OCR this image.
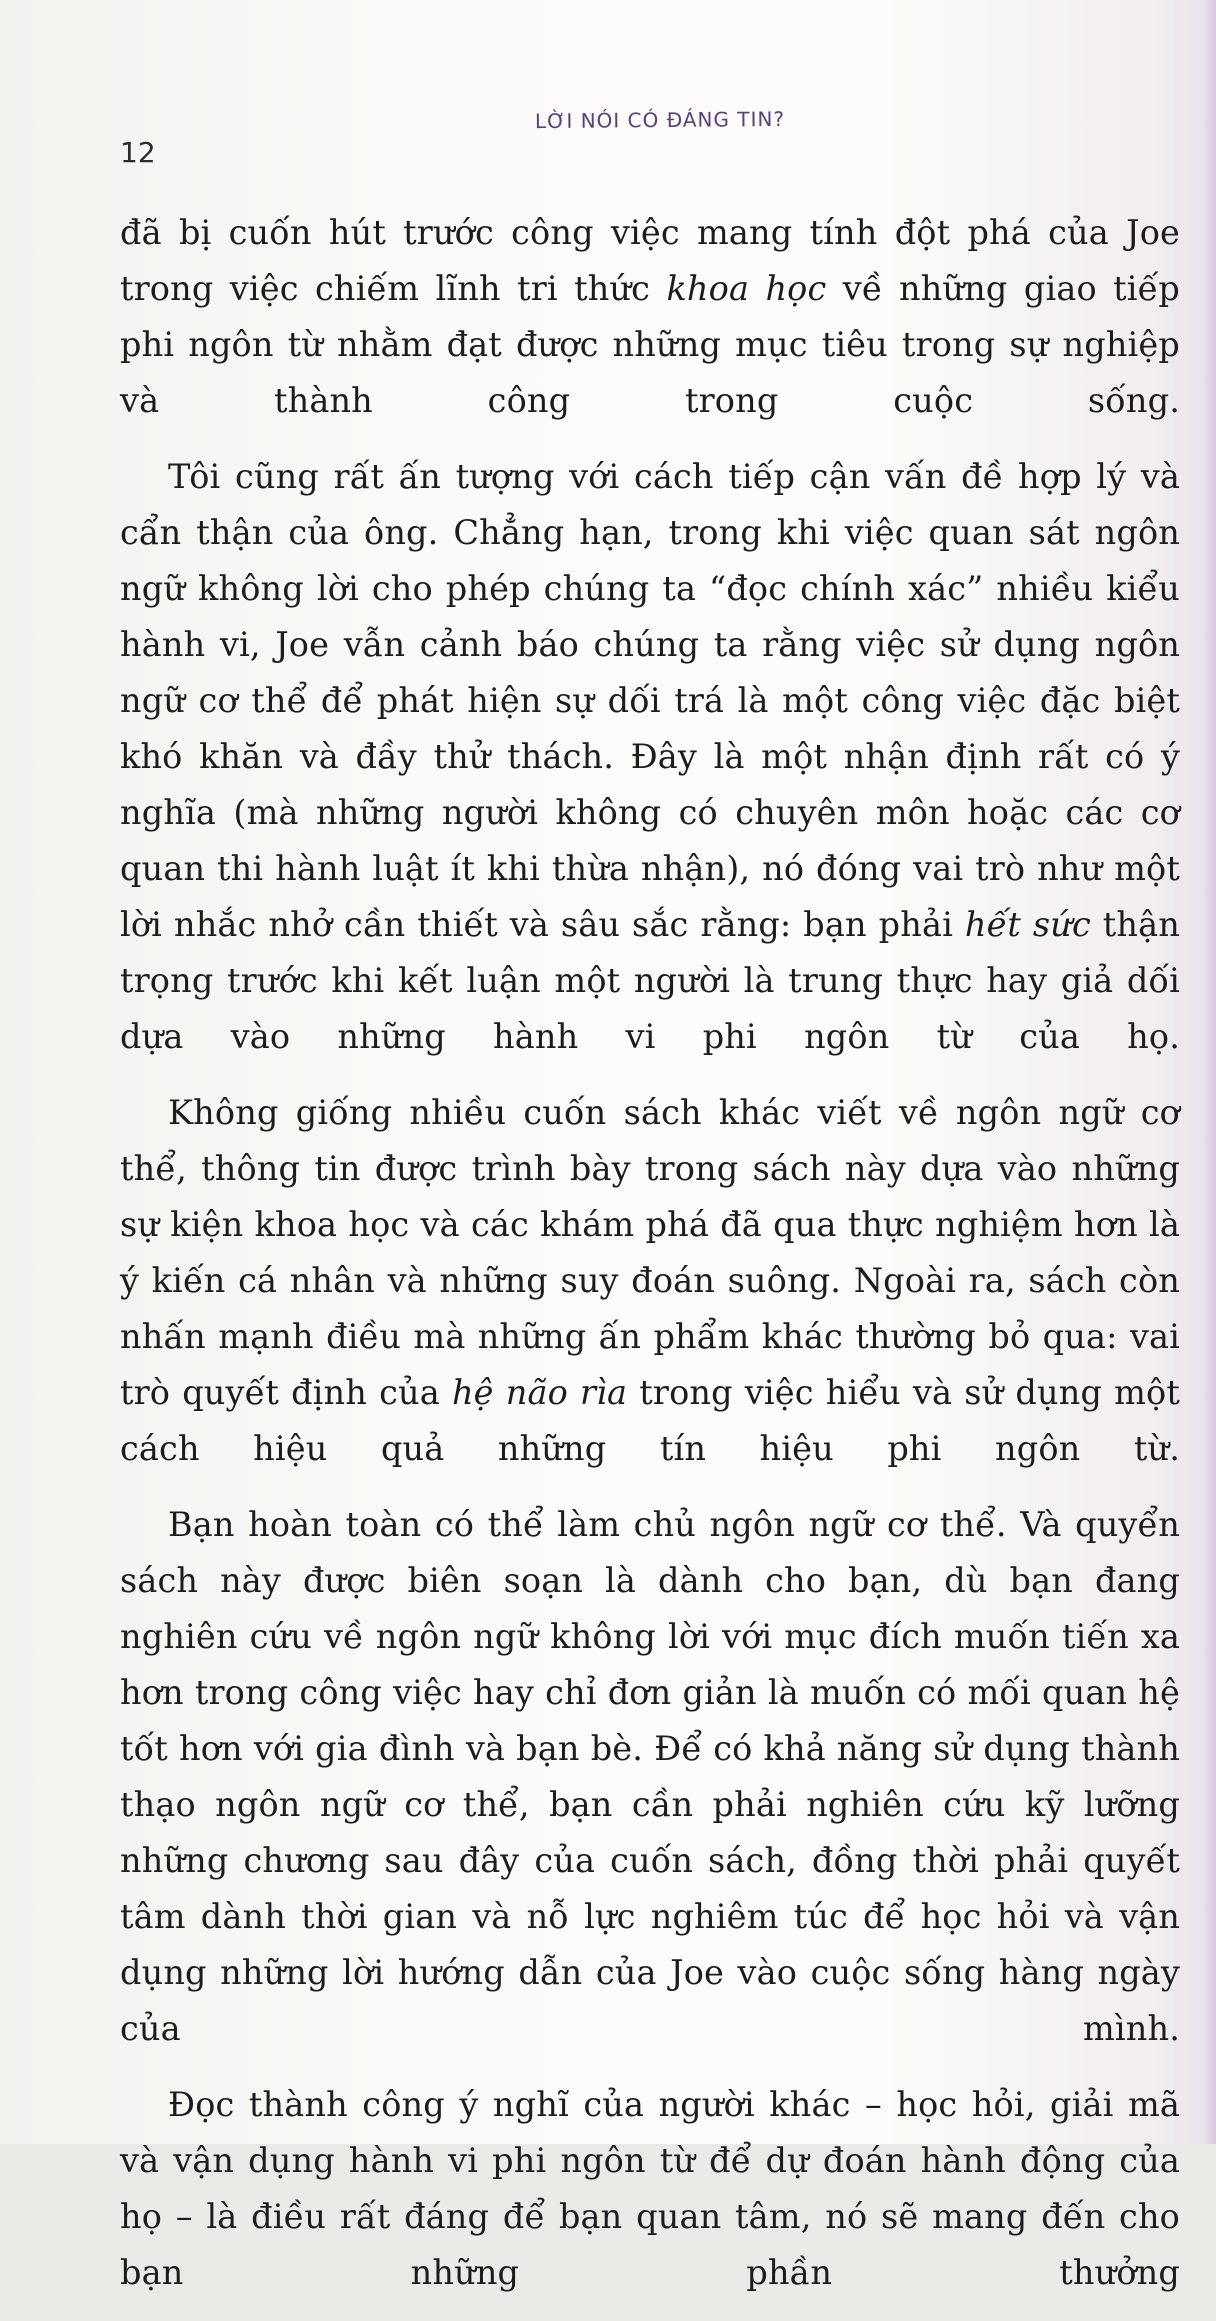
12
LỜI NÓI CÓ ĐÁNG TIN?

đã bị cuốn hút trước công việc mang tính đột phá của Joe trong việc chiếm lĩnh tri thức khoa học về những giao tiếp phi ngôn từ nhằm đạt được những mục tiêu trong sự nghiệp và thành công trong cuộc sống.

Tôi cũng rất ấn tượng với cách tiếp cận vấn đề hợp lý và cẩn thận của ông. Chẳng hạn, trong khi việc quan sát ngôn ngữ không lời cho phép chúng ta “đọc chính xác” nhiều kiểu hành vi, Joe vẫn cảnh báo chúng ta rằng việc sử dụng ngôn ngữ cơ thể để phát hiện sự dối trá là một công việc đặc biệt khó khăn và đầy thử thách. Đây là một nhận định rất có ý nghĩa (mà những người không có chuyên môn hoặc các cơ quan thi hành luật ít khi thừa nhận), nó đóng vai trò như một lời nhắc nhở cần thiết và sâu sắc rằng: bạn phải hết sức thận trọng trước khi kết luận một người là trung thực hay giả dối dựa vào những hành vi phi ngôn từ của họ.

Không giống nhiều cuốn sách khác viết về ngôn ngữ cơ thể, thông tin được trình bày trong sách này dựa vào những sự kiện khoa học và các khám phá đã qua thực nghiệm hơn là ý kiến cá nhân và những suy đoán suông. Ngoài ra, sách còn nhấn mạnh điều mà những ấn phẩm khác thường bỏ qua: vai trò quyết định của hệ não rìa trong việc hiểu và sử dụng một cách hiệu quả những tín hiệu phi ngôn từ.

Bạn hoàn toàn có thể làm chủ ngôn ngữ cơ thể. Và quyển sách này được biên soạn là dành cho bạn, dù bạn đang nghiên cứu về ngôn ngữ không lời với mục đích muốn tiến xa hơn trong công việc hay chỉ đơn giản là muốn có mối quan hệ tốt hơn với gia đình và bạn bè. Để có khả năng sử dụng thành thạo ngôn ngữ cơ thể, bạn cần phải nghiên cứu kỹ lưỡng những chương sau đây của cuốn sách, đồng thời phải quyết tâm dành thời gian và nỗ lực nghiêm túc để học hỏi và vận dụng những lời hướng dẫn của Joe vào cuộc sống hàng ngày của mình.

Đọc thành công ý nghĩ của người khác – học hỏi, giải mã và vận dụng hành vi phi ngôn từ để dự đoán hành động của họ – là điều rất đáng để bạn quan tâm, nó sẽ mang đến cho bạn những phần thưởng
